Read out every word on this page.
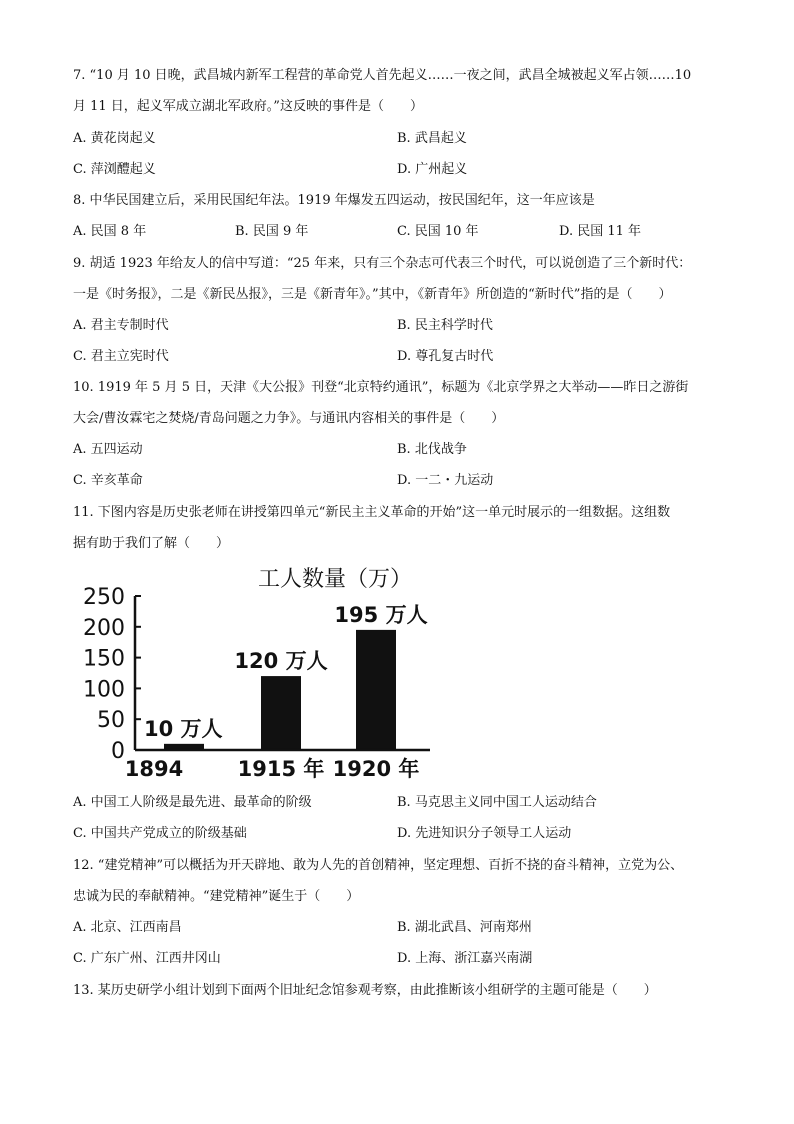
7. “10 月 10 日晚，武昌城内新军工程营的革命党人首先起义……一夜之间，武昌全城被起义军占领……10
月 11 日，起义军成立湖北军政府。”这反映的事件是（　　）
A. 黄花岗起义	B. 武昌起义
C. 萍浏醴起义	D. 广州起义
8. 中华民国建立后，采用民国纪年法。1919 年爆发五四运动，按民国纪年，这一年应该是
A. 民国 8 年	B. 民国 9 年	C. 民国 10 年	D. 民国 11 年
9. 胡适 1923 年给友人的信中写道：“25 年来，只有三个杂志可代表三个时代，可以说创造了三个新时代：
一是《时务报》，二是《新民丛报》，三是《新青年》。”其中，《新青年》所创造的“新时代”指的是（　　）
A. 君主专制时代	B. 民主科学时代
C. 君主立宪时代	D. 尊孔复古时代
10. 1919 年 5 月 5 日，天津《大公报》刊登“北京特约通讯”，标题为《北京学界之大举动——昨日之游街
大会/曹汝霖宅之焚烧/青岛问题之力争》。与通讯内容相关的事件是（　　）
A. 五四运动	B. 北伐战争
C. 辛亥革命	D. 一二・九运动
11. 下图内容是历史张老师在讲授第四单元“新民主主义革命的开始”这一单元时展示的一组数据。这组数
据有助于我们了解（　　）
工人数量（万）
0
50
100
150
200
250
10 万人
120 万人
195 万人
1894	1915 年 1920 年
A. 中国工人阶级是最先进、最革命的阶级	B. 马克思主义同中国工人运动结合
C. 中国共产党成立的阶级基础	D. 先进知识分子领导工人运动
12. “建党精神”可以概括为开天辟地、敢为人先的首创精神，坚定理想、百折不挠的奋斗精神，立党为公、
忠诚为民的奉献精神。“建党精神”诞生于（　　）
A. 北京、江西南昌	B. 湖北武昌、河南郑州
C. 广东广州、江西井冈山	D. 上海、浙江嘉兴南湖
13. 某历史研学小组计划到下面两个旧址纪念馆参观考察，由此推断该小组研学的主题可能是（　　）
